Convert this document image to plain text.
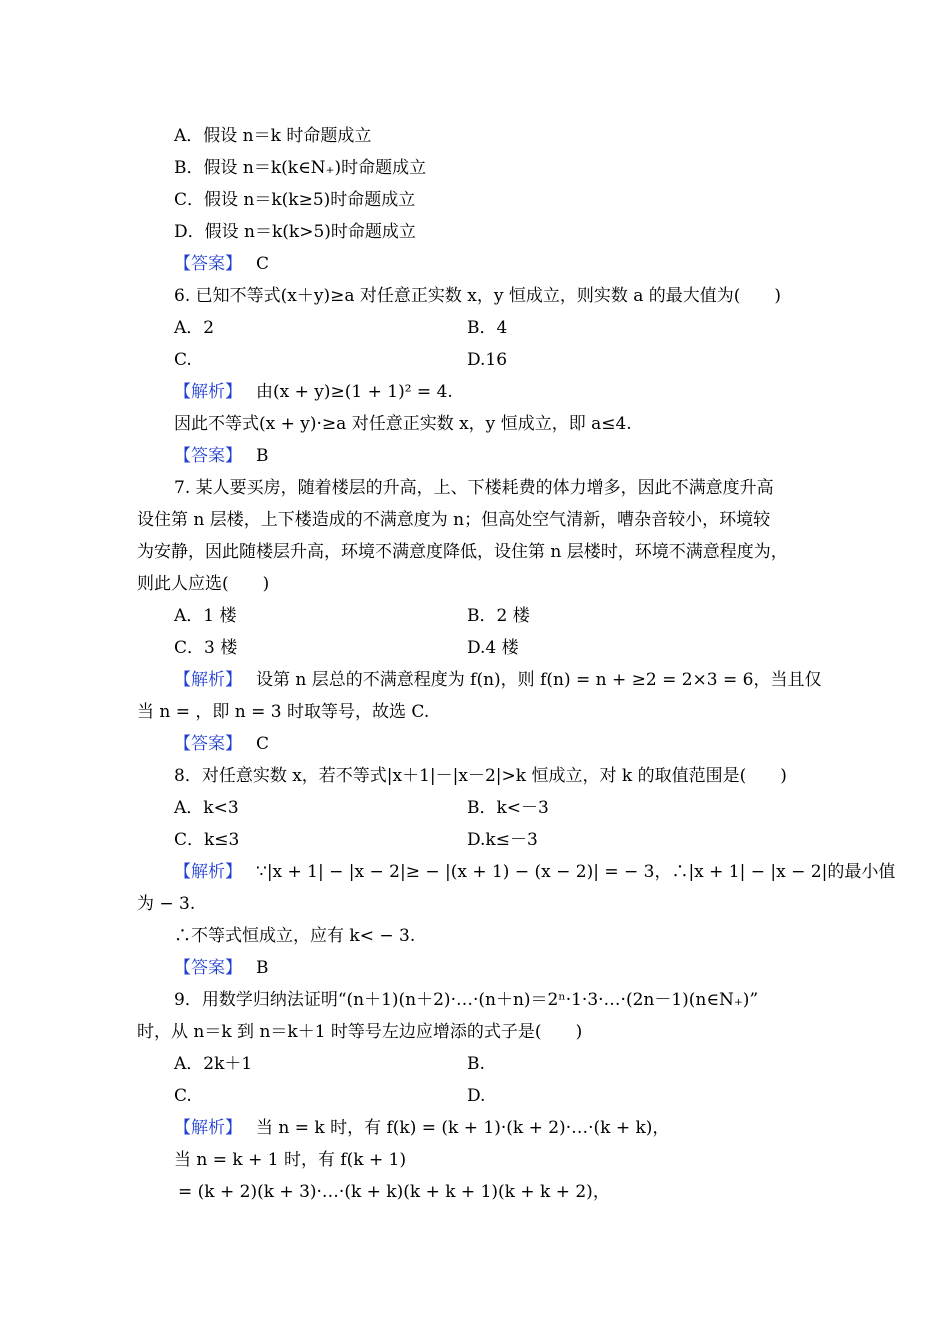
A．假设 n＝k 时命题成立
B．假设 n＝k(k∈N₊)时命题成立
C．假设 n＝k(k≥5)时命题成立
D．假设 n＝k(k>5)时命题成立
【答案】 C
6. 已知不等式(x＋y)≥a 对任意正实数 x，y 恒成立，则实数 a 的最大值为(　　)
A．2	B．4
C.	D.16
【解析】 由(x + y)≥(1 + 1)² = 4.
因此不等式(x + y)·≥a 对任意正实数 x，y 恒成立，即 a≤4.
【答案】 B
7. 某人要买房，随着楼层的升高，上、下楼耗费的体力增多，因此不满意度升高
设住第 n 层楼，上下楼造成的不满意度为 n；但高处空气清新，嘈杂音较小，环境较
为安静，因此随楼层升高，环境不满意度降低，设住第 n 层楼时，环境不满意程度为，
则此人应选(　　)
A．1 楼	B．2 楼
C．3 楼	D.4 楼
【解析】 设第 n 层总的不满意程度为 f(n)，则 f(n) = n + ≥2 = 2×3 = 6，当且仅
当 n = ，即 n = 3 时取等号，故选 C.
【答案】 C
8．对任意实数 x，若不等式|x＋1|－|x－2|>k 恒成立，对 k 的取值范围是(　　)
A．k<3	B．k<－3
C．k≤3	D.k≤－3
【解析】 ∵|x + 1| − |x − 2|≥ − |(x + 1) − (x − 2)| = − 3，∴|x + 1| − |x − 2|的最小值
为 − 3.
∴不等式恒成立，应有 k< − 3.
【答案】 B
9．用数学归纳法证明“(n＋1)(n＋2)·…·(n＋n)＝2ⁿ·1·3·…·(2n－1)(n∈N₊)”
时，从 n＝k 到 n＝k＋1 时等号左边应增添的式子是(　　)
A．2k＋1	B.
C.	D.
【解析】 当 n = k 时，有 f(k) = (k + 1)·(k + 2)·…·(k + k)，
当 n = k + 1 时，有 f(k + 1)
= (k + 2)(k + 3)·…·(k + k)(k + k + 1)(k + k + 2)，
